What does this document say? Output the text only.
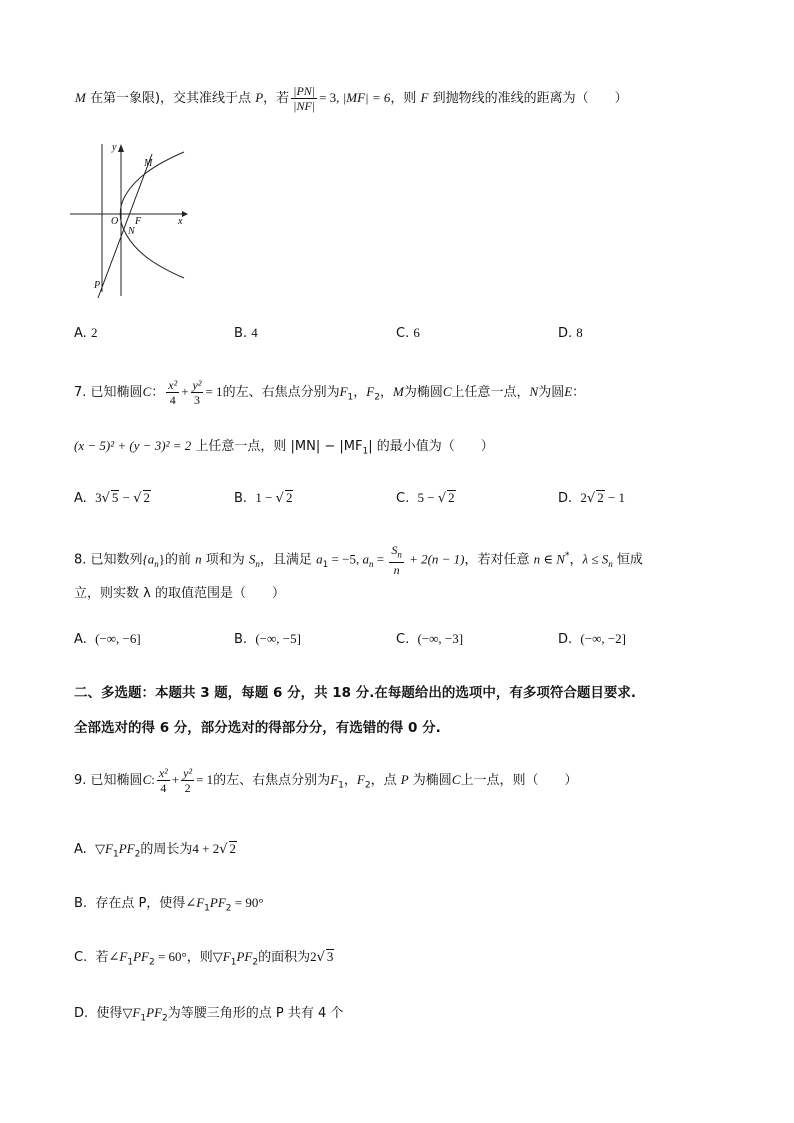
M 在第一象限)，交其准线于点 P，若 $\frac{|PN|}{|NF|} = 3$, |MF| = 6，则 F 到抛物线的准线的距离为（　　）
y
x
M
O F
N
P
A. 2	B. 4	C. 6	D. 8
7. 已知椭圆C： $\frac{\text{x²}}{4} + \frac{\text{y²}}{3} = 1$的左、右焦点分别为$F_1$，$F_2$，M为椭圆C上任意一点，N为圆E：
(x − 5)² + (y − 3)² = 2 上任意一点，则 $|MN| - |MF_1|$ 的最小值为（　　）
A. 3√ 5 − √ 2	B. 1 − √ 2	C. 5 − √ 2	D. 2√ 2 − 1
8. 已知数列$\{a_n\}$的前 n 项和为 $S_n$，且满足 $a_1 = -5$, $a_n = \frac{S_n}{n} + 2(n - 1)$，若对任意 n ∈ N*，$\lambda \le S_n$ 恒成
立，则实数 λ 的取值范围是（　　）
A. (−∞, −6]	B. (−∞, −5]	C. (−∞, −3]	D. (−∞, −2]
二、多选题：本题共 3 题，每题 6 分，共 18 分.在每题给出的选项中，有多项符合题目要求.
全部选对的得 6 分，部分选对的得部分分，有选错的得 0 分.
9. 已知椭圆C: $\frac{\text{x²}}{4} + \frac{\text{y²}}{2} = 1$的左、右焦点分别为$F_1$，$F_2$，点 P 为椭圆C上一点，则（　　）
A. $▽F_1PF_2$的周长为4 + 2√ 2
B. 存在点 P，使得$\angle F_1PF_2 = 90^\circ$
C. 若$\angle F_1PF_2 = 60^\circ$，则$▽F_1PF_2$的面积为2√ 3
D. 使得$▽F_1PF_2$为等腰三角形的点 P 共有 4 个
